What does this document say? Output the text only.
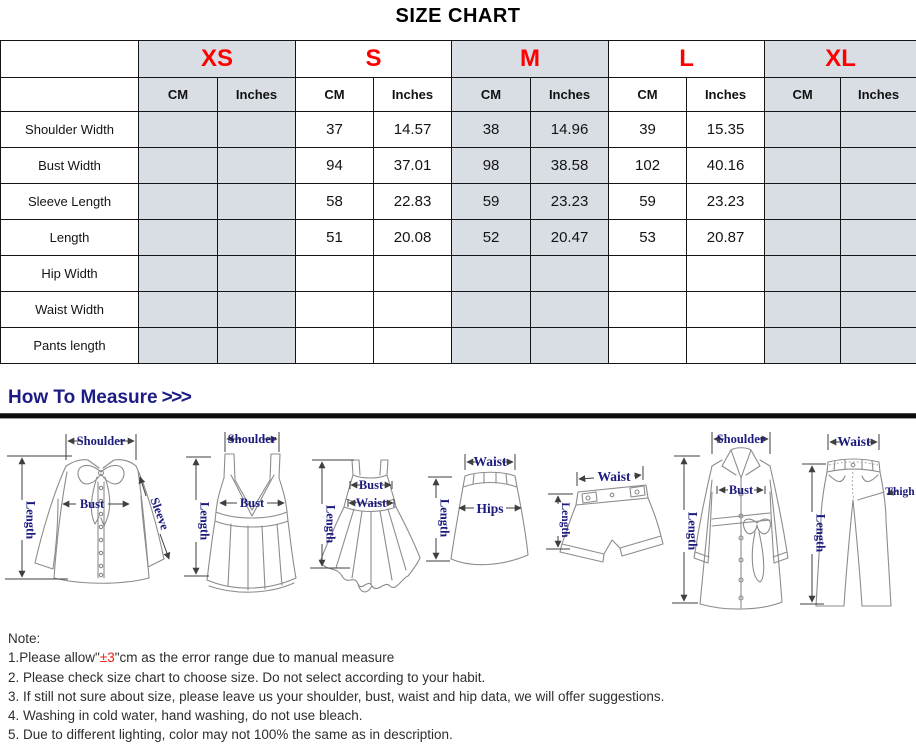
SIZE CHART
	XS		S		M		L		XL	
	CM	Inches	CM	Inches	CM	Inches	CM	Inches	CM	Inches
Shoulder Width			37	14.57	38	14.96	39	15.35		
Bust Width			94	37.01	98	38.58	102	40.16		
Sleeve Length			58	22.83	59	23.23	59	23.23		
Length			51	20.08	52	20.47	53	20.87		
Hip Width										
Waist Width										
Pants length										
How To Measure >>>
Shoulder
Length	Bust	Sleeve
Shoulder
Length Bust
Bust
Waist
Length
Waist
Length Hips
Waist
Length
Shoulder
Bust
Length
Waist
Length
Thigh
Note:
1.Please allow"±3"cm as the error range due to manual measure
2. Please check size chart to choose size. Do not select according to your habit.
3. If still not sure about size, please leave us your shoulder, bust, waist and hip data, we will offer suggestions.
4. Washing in cold water, hand washing, do not use bleach.
5. Due to different lighting, color may not 100% the same as in description.
